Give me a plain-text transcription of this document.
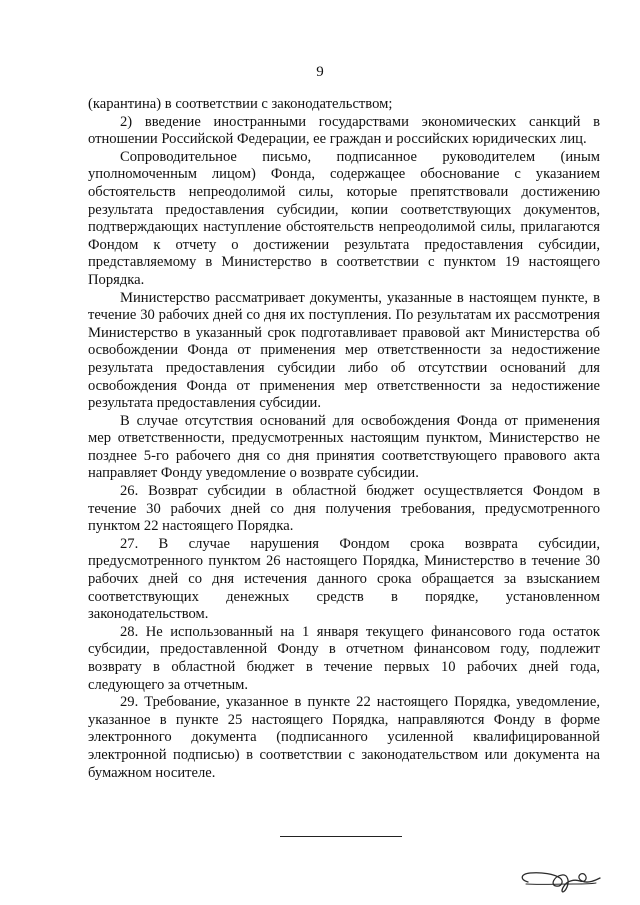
9

(карантина) в соответствии с законодательством;

2) введение иностранными государствами экономических санкций в отношении Российской Федерации, ее граждан и российских юридических лиц.

Сопроводительное письмо, подписанное руководителем (иным уполномоченным лицом) Фонда, содержащее обоснование с указанием обстоятельств непреодолимой силы, которые препятствовали достижению результата предоставления субсидии, копии соответствующих документов, подтверждающих наступление обстоятельств непреодолимой силы, прилагаются Фондом к отчету о достижении результата предоставления субсидии, представляемому в Министерство в соответствии с пунктом 19 настоящего Порядка.

Министерство рассматривает документы, указанные в настоящем пункте, в течение 30 рабочих дней со дня их поступления. По результатам их рассмотрения Министерство в указанный срок подготавливает правовой акт Министерства об освобождении Фонда от применения мер ответственности за недостижение результата предоставления субсидии либо об отсутствии оснований для освобождения Фонда от применения мер ответственности за недостижение результата предоставления субсидии.

В случае отсутствия оснований для освобождения Фонда от применения мер ответственности, предусмотренных настоящим пунктом, Министерство не позднее 5-го рабочего дня со дня принятия соответствующего правового акта направляет Фонду уведомление о возврате субсидии.

26. Возврат субсидии в областной бюджет осуществляется Фондом в течение 30 рабочих дней со дня получения требования, предусмотренного пунктом 22 настоящего Порядка.

27. В случае нарушения Фондом срока возврата субсидии, предусмотренного пунктом 26 настоящего Порядка, Министерство в течение 30 рабочих дней со дня истечения данного срока обращается за взысканием соответствующих денежных средств в порядке, установленном законодательством.

28. Не использованный на 1 января текущего финансового года остаток субсидии, предоставленной Фонду в отчетном финансовом году, подлежит возврату в областной бюджет в течение первых 10 рабочих дней года, следующего за отчетным.

29. Требование, указанное в пункте 22 настоящего Порядка, уведомление, указанное в пункте 25 настоящего Порядка, направляются Фонду в форме электронного документа (подписанного усиленной квалифицированной электронной подписью) в соответствии с законодательством или документа на бумажном носителе.
